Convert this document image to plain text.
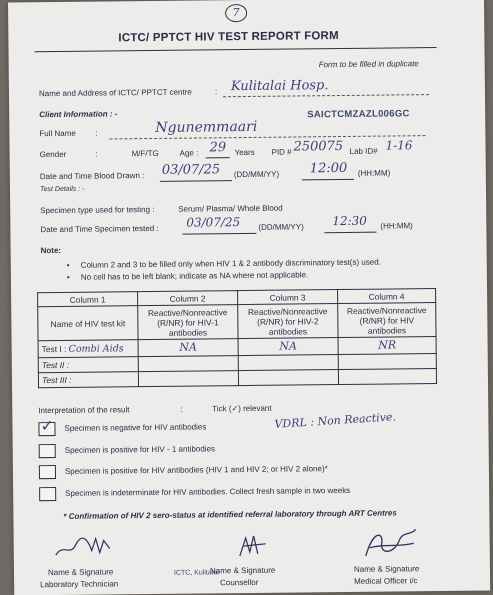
7
ICTC/ PPTCT HIV TEST REPORT FORM
Form to be filled in duplicate
Name and Address of ICTC/ PPTCT centre	: Kulitalai Hosp.
Client Information : -	SAICTCMZAZL006GC
Full Name :	Ngunemmaari
Gender	:	M/F/TG	Age : 29 Years PID # 250075 Lab ID# 1-16
Date and Time Blood Drawn : 03/07/25 (DD/MM/YY) 12:00 (HH:MM)
Test Details : -
Specimen type used for testing :	Serum/ Plasma/ Whole Blood
Date and Time Specimen tested : 03/07/25 (DD/MM/YY) 12:30 (HH:MM)
Note:
• Column 2 and 3 to be filled only when HIV 1 & 2 antibody discriminatory test(s) used.
• No cell has to be left blank; indicate as NA where not applicable.
Column 1	Column 2	Column 3	Column 4
Name of HIV test kit	Reactive/Nonreactive (R/NR) for HIV-1 antibodies	Reactive/Nonreactive (R/NR) for HIV-2 antibodies	Reactive/Nonreactive (R/NR) for HIV antibodies
Test I : Combi Aids	NA	NA	NR
Test II :			
Test III :			
Interpretation of the result	:	Tick (✓) relevant
VDRL : Non Reactive.
✓ Specimen is negative for HIV antibodies
Specimen is positive for HIV - 1 antibodies
Specimen is positive for HIV antibodies (HIV 1 and HIV 2; or HIV 2 alone)*
Specimen is indeterminate for HIV antibodies. Collect fresh sample in two weeks
* Confirmation of HIV 2 sero-status at identified referral laboratory through ART Centres
Name & Signature
Laboratory Technician
ICTC, Kulitalai
Name & Signature
Counsellor
Name & Signature
Medical Officer i/c
